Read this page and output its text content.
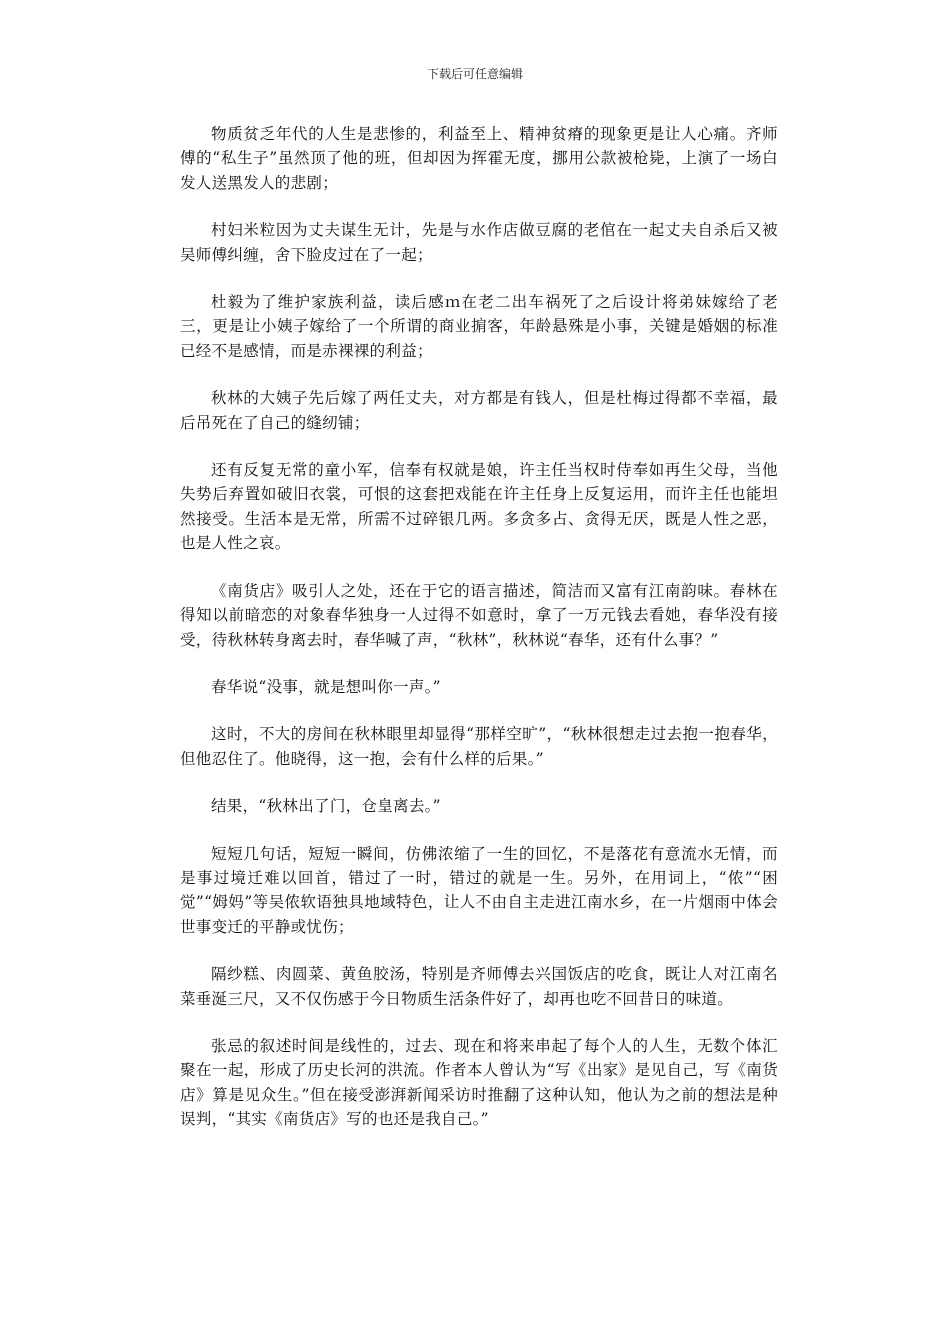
下载后可任意编辑

物质贫乏年代的人生是悲惨的，利益至上、精神贫瘠的现象更是让人心痛。齐师傅的“私生子”虽然顶了他的班，但却因为挥霍无度，挪用公款被枪毙，上演了一场白发人送黑发人的悲剧；

村妇米粒因为丈夫谋生无计，先是与水作店做豆腐的老倌在一起丈夫自杀后又被吴师傅纠缠，舍下脸皮过在了一起；

杜毅为了维护家族利益，读后感ｍ在老二出车祸死了之后设计将弟妹嫁给了老三，更是让小姨子嫁给了一个所谓的商业掮客，年龄悬殊是小事，关键是婚姻的标准已经不是感情，而是赤裸裸的利益；

秋林的大姨子先后嫁了两任丈夫，对方都是有钱人，但是杜梅过得都不幸福，最后吊死在了自己的缝纫铺；

还有反复无常的童小军，信奉有权就是娘，许主任当权时侍奉如再生父母，当他失势后弃置如破旧衣裳，可恨的这套把戏能在许主任身上反复运用，而许主任也能坦然接受。生活本是无常，所需不过碎银几两。多贪多占、贪得无厌，既是人性之恶，也是人性之哀。

《南货店》吸引人之处，还在于它的语言描述，简洁而又富有江南韵味。春林在得知以前暗恋的对象春华独身一人过得不如意时，拿了一万元钱去看她，春华没有接受，待秋林转身离去时，春华喊了声，“秋林”，秋林说“春华，还有什么事？”

春华说“没事，就是想叫你一声。”

这时，不大的房间在秋林眼里却显得“那样空旷”，“秋林很想走过去抱一抱春华，但他忍住了。他晓得，这一抱，会有什么样的后果。”

结果，“秋林出了门，仓皇离去。”

短短几句话，短短一瞬间，仿佛浓缩了一生的回忆，不是落花有意流水无情，而是事过境迁难以回首，错过了一时，错过的就是一生。另外，在用词上，“侬”“困觉”“姆妈”等吴侬软语独具地域特色，让人不由自主走进江南水乡，在一片烟雨中体会世事变迁的平静或忧伤；

隔纱糕、肉圆菜、黄鱼胶汤，特别是齐师傅去兴国饭店的吃食，既让人对江南名菜垂涎三尺，又不仅伤感于今日物质生活条件好了，却再也吃不回昔日的味道。

张忌的叙述时间是线性的，过去、现在和将来串起了每个人的人生，无数个体汇聚在一起，形成了历史长河的洪流。作者本人曾认为“写《出家》是见自己，写《南货店》算是见众生。”但在接受澎湃新闻采访时推翻了这种认知，他认为之前的想法是种误判，“其实《南货店》写的也还是我自己。”
